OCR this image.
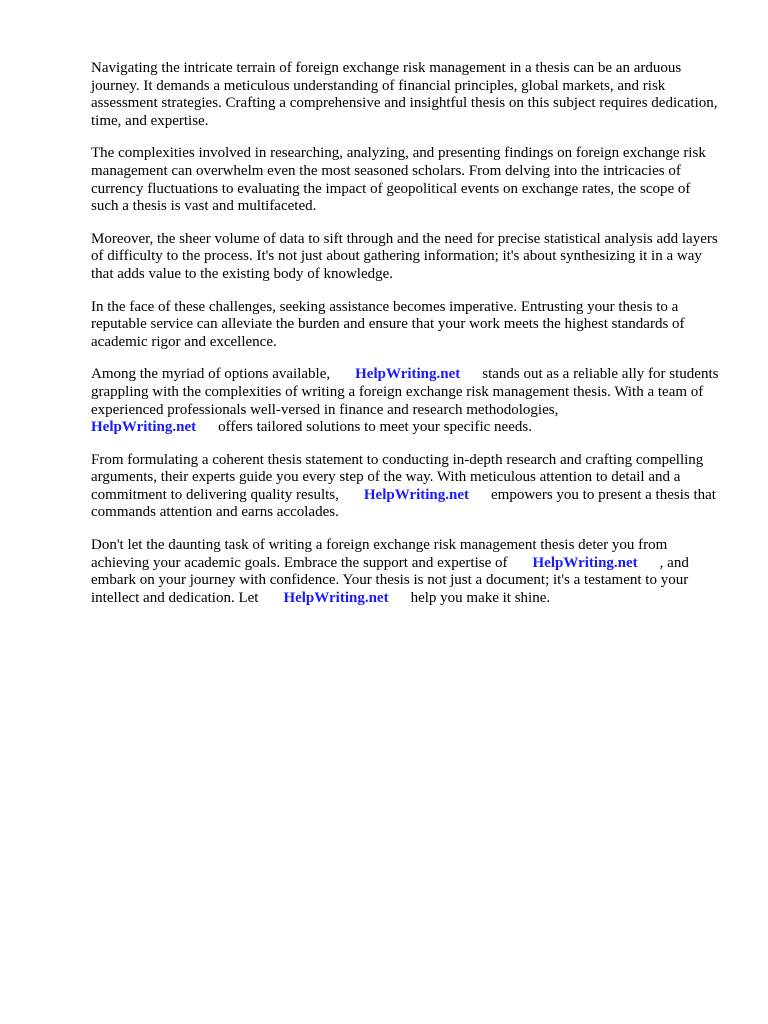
Navigating the intricate terrain of foreign exchange risk management in a thesis can be an arduous journey. It demands a meticulous understanding of financial principles, global markets, and risk assessment strategies. Crafting a comprehensive and insightful thesis on this subject requires dedication, time, and expertise.

The complexities involved in researching, analyzing, and presenting findings on foreign exchange risk management can overwhelm even the most seasoned scholars. From delving into the intricacies of currency fluctuations to evaluating the impact of geopolitical events on exchange rates, the scope of such a thesis is vast and multifaceted.

Moreover, the sheer volume of data to sift through and the need for precise statistical analysis add layers of difficulty to the process. It's not just about gathering information; it's about synthesizing it in a way that adds value to the existing body of knowledge.

In the face of these challenges, seeking assistance becomes imperative. Entrusting your thesis to a reputable service can alleviate the burden and ensure that your work meets the highest standards of academic rigor and excellence.

Among the myriad of options available, HelpWriting.net stands out as a reliable ally for students grappling with the complexities of writing a foreign exchange risk management thesis. With a team of experienced professionals well-versed in finance and research methodologies, HelpWriting.net offers tailored solutions to meet your specific needs.

From formulating a coherent thesis statement to conducting in-depth research and crafting compelling arguments, their experts guide you every step of the way. With meticulous attention to detail and a commitment to delivering quality results, HelpWriting.net empowers you to present a thesis that commands attention and earns accolades.

Don't let the daunting task of writing a foreign exchange risk management thesis deter you from achieving your academic goals. Embrace the support and expertise of HelpWriting.net , and embark on your journey with confidence. Your thesis is not just a document; it's a testament to your intellect and dedication. Let HelpWriting.net help you make it shine.
